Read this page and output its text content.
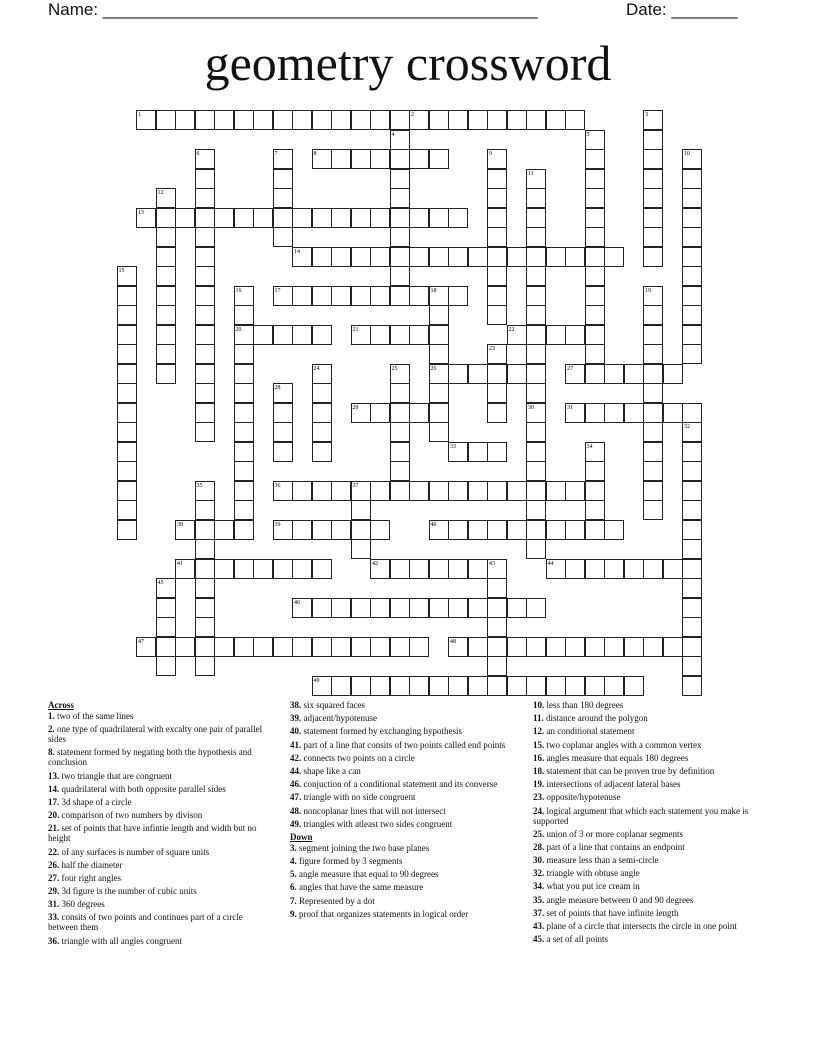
Name: ______________________________________________	Date: _______
geometry crossword
1	2	3
4	5
6	7	8	9	10
11
12
13
14
15
16	17	18	19
20	21	22
23
24	25	26	27
28
29	30	31
32
33	34
35	36	37
38	39	40
41	42	43	44
45
46
47	48
49
Across
1. two of the same lines
2. one type of quadrilateral with excalty one pair of parallel sides
8. statement formed by negating both the hypothesis and conclusion
13. two triangle that are congruent
14. quadrilateral with both opposite parallel sides
17. 3d shape of a circle
20. comparison of two numbers by divison
21. set of points that have infintie length and width but no height
22. of any surfaces is number of square units
26. half the diameter
27. four right angles
29. 3d figure is the number of cubic units
31. 360 degrees
33. consits of two points and continues part of a circle between them
36. triangle with all angles congruent
38. six squared faces
39. adjacent/hypotenuse
40. statement formed by exchanging hypothesis
41. part of a line that consits of two points called end points
42. connects two points on a circle
44. shape like a can
46. conjuction of a conditional statement and its converse
47. triangle with no side congruent
48. noncoplanar lines that will not intersect
49. triangles with atleast two sides congruent
Down
3. segment joining the two base planes
4. figure formed by 3 segments
5. angle measure that equal to 90 degrees
6. angles that have the same measure
7. Represented by a dot
9. proof that organizes statements in logical order
10. less than 180 degrees
11. distance around the polygon
12. an conditional statement
15. two coplanar angles with a common vertex
16. angles measure that equals 180 degrees
18. statement that can be proven true by definition
19. intersections of adjacent lateral bases
23. opposite/hypotenuse
24. logical argument that which each statement you make is supported
25. union of 3 or more coplanar segments
28. part of a line that contains an endpoint
30. measure less than a semi-circle
32. triangle with obtuse angle
34. what you put ice cream in
35. angle measure between 0 and 90 degrees
37. set of points that have infinite length
43. plane of a circle that intersects the circle in one point
45. a set of all points
